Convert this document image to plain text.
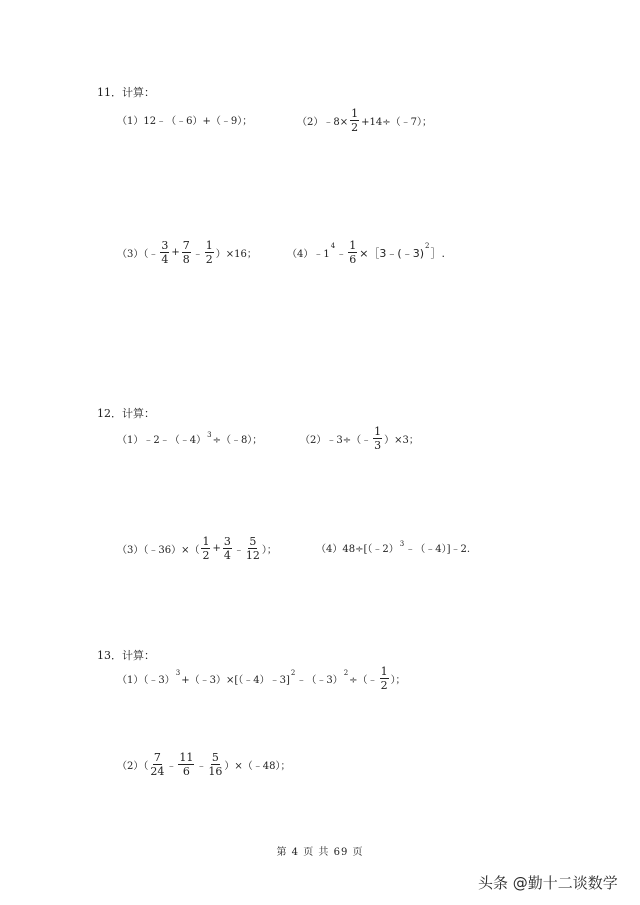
11．计算：
（1）12﹣（﹣6）+（﹣9）；	（2）﹣8× $\frac{1}{2}$ +14÷（﹣7）；
（3）（﹣ $\frac{3}{4} + \frac{7}{8}$ ﹣ $\frac{1}{2} )\times 16$；	（4）﹣1
$^4$
﹣ $\frac{1}{6}$ ×［3﹣(﹣3)
$^2$
］.
12．计算：
（1）﹣2﹣（﹣4）$^3$ ÷（﹣8）；	（2）﹣3÷（﹣ $\frac{1}{3} )\times 3$；
（3）（﹣36）×（ $\frac{1}{2} + \frac{3}{4}$ ﹣ $\frac{5}{12}$ ）；	（4）48÷[（﹣2）$^3$ ﹣（﹣4）]﹣2.
13．计算：
（1）（﹣3）
$^3$
+（﹣3）×[（﹣4）﹣3]
$^2$
﹣（﹣3）
$^2$
÷（﹣ $\frac{1}{2}$ ）；
$(2)( \frac{7}{24}$ ﹣ $\frac{11}{6}$ ﹣ $\frac{5}{16}$ ）×（﹣48）；
第 4 页 共 69 页
头条 @勤十二谈数学
